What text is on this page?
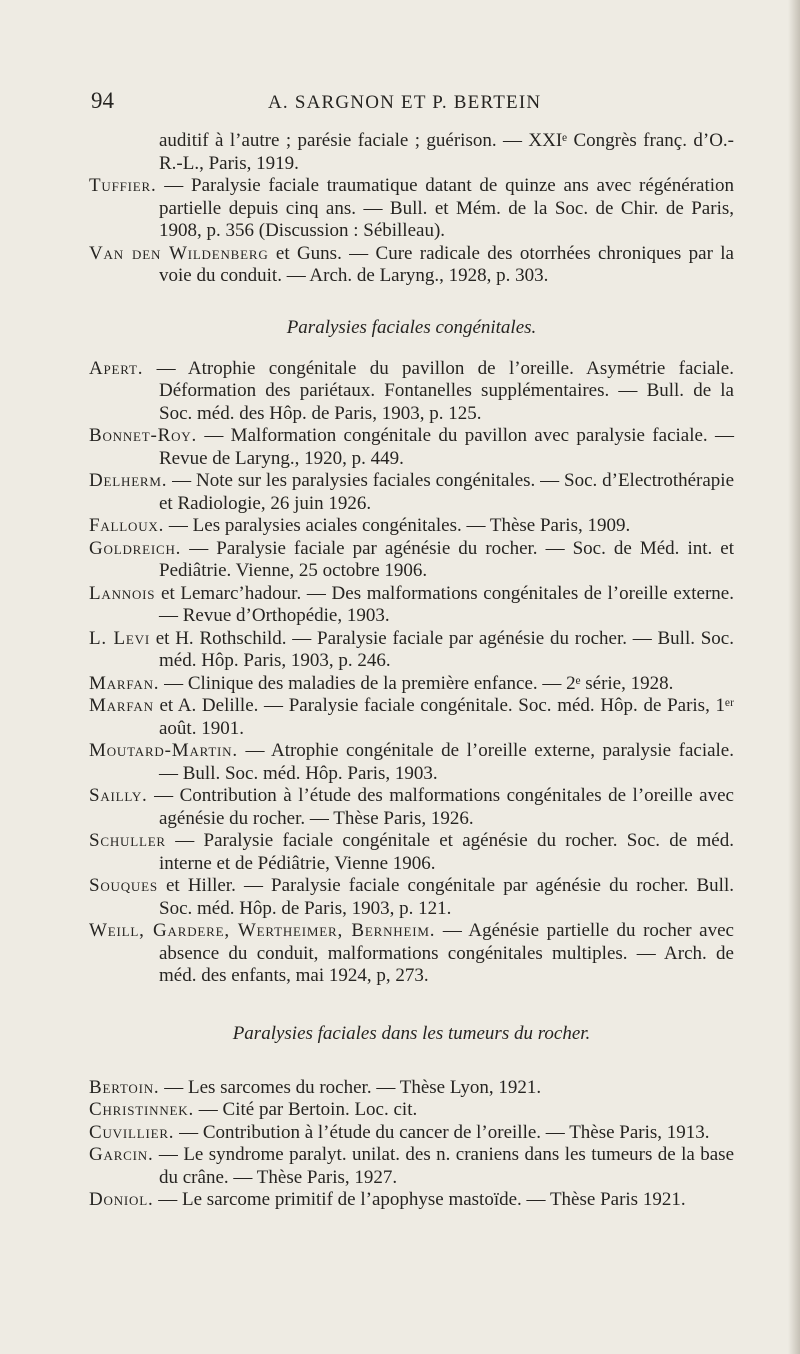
94	A. SARGNON ET P. BERTEIN

auditif à l’autre ; parésie faciale ; guérison. — XXIᵉ Congrès franç. d’O.-R.-L., Paris, 1919.

Tuffier. — Paralysie faciale traumatique datant de quinze ans avec régénération partielle depuis cinq ans. — Bull. et Mém. de la Soc. de Chir. de Paris, 1908, p. 356 (Discussion : Sébilleau).

Van den Wildenberg et Guns. — Cure radicale des otorrhées chroniques par la voie du conduit. — Arch. de Laryng., 1928, p. 303.

Paralysies faciales congénitales.

Apert. — Atrophie congénitale du pavillon de l’oreille. Asymétrie faciale. Déformation des pariétaux. Fontanelles supplémentaires. — Bull. de la Soc. méd. des Hôp. de Paris, 1903, p. 125.

Bonnet-Roy. — Malformation congénitale du pavillon avec paralysie faciale. — Revue de Laryng., 1920, p. 449.

Delherm. — Note sur les paralysies faciales congénitales. — Soc. d’Electrothérapie et Radiologie, 26 juin 1926.

Falloux. — Les paralysies aciales congénitales. — Thèse Paris, 1909.

Goldreich. — Paralysie faciale par agénésie du rocher. — Soc. de Méd. int. et Pediâtrie. Vienne, 25 octobre 1906.

Lannois et Lemarc’hadour. — Des malformations congénitales de l’oreille externe. — Revue d’Orthopédie, 1903.

L. Levi et H. Rothschild. — Paralysie faciale par agénésie du rocher. — Bull. Soc. méd. Hôp. Paris, 1903, p. 246.

Marfan. — Clinique des maladies de la première enfance. — 2ᵉ série, 1928.

Marfan et A. Delille. — Paralysie faciale congénitale. Soc. méd. Hôp. de Paris, 1ᵉʳ août. 1901.

Moutard-Martin. — Atrophie congénitale de l’oreille externe, paralysie faciale. — Bull. Soc. méd. Hôp. Paris, 1903.

Sailly. — Contribution à l’étude des malformations congénitales de l’oreille avec agénésie du rocher. — Thèse Paris, 1926.

Schuller — Paralysie faciale congénitale et agénésie du rocher. Soc. de méd. interne et de Pédiâtrie, Vienne 1906.

Souques et Hiller. — Paralysie faciale congénitale par agénésie du rocher. Bull. Soc. méd. Hôp. de Paris, 1903, p. 121.

Weill, Gardere, Wertheimer, Bernheim. — Agénésie partielle du rocher avec absence du conduit, malformations congénitales multiples. — Arch. de méd. des enfants, mai 1924, p, 273.

Paralysies faciales dans les tumeurs du rocher.

Bertoin. — Les sarcomes du rocher. — Thèse Lyon, 1921.

Christinnek. — Cité par Bertoin. Loc. cit.

Cuvillier. — Contribution à l’étude du cancer de l’oreille. — Thèse Paris, 1913.

Garcin. — Le syndrome paralyt. unilat. des n. craniens dans les tumeurs de la base du crâne. — Thèse Paris, 1927.

Doniol. — Le sarcome primitif de l’apophyse mastoïde. — Thèse Paris 1921.
